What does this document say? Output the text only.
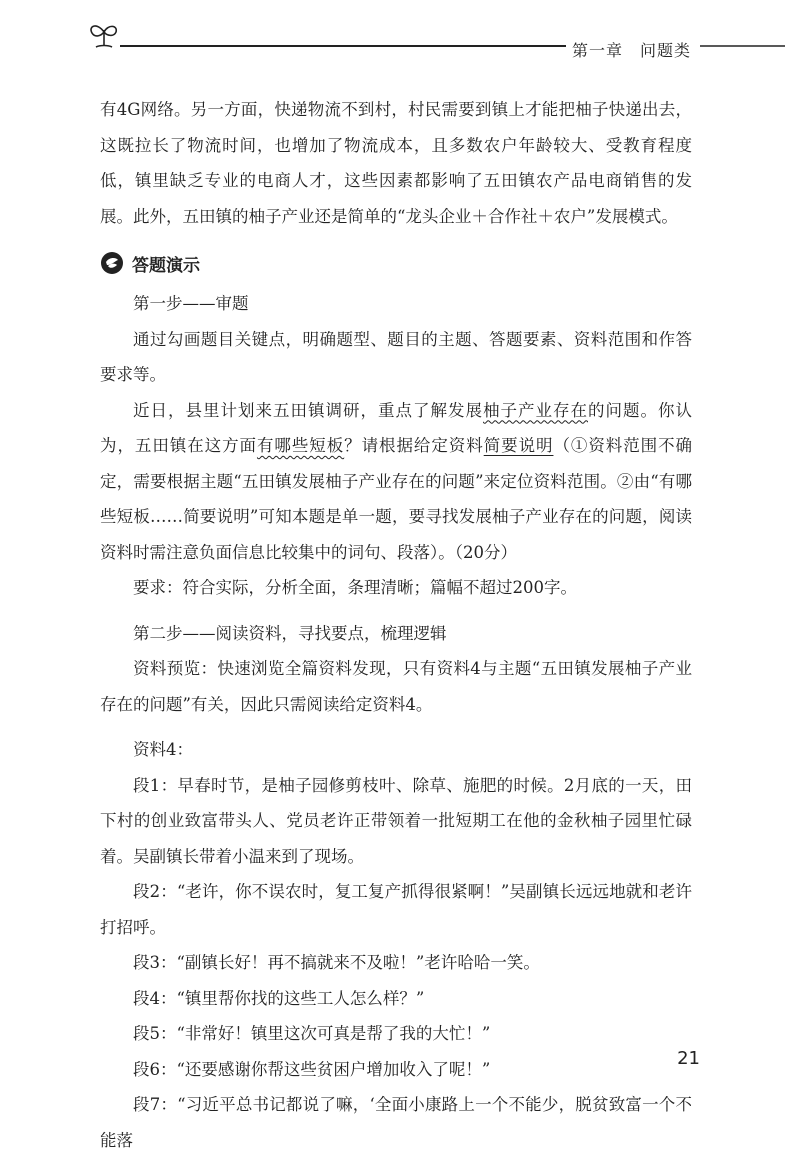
第一章　问题类

有4G网络。另一方面，快递物流不到村，村民需要到镇上才能把柚子快递出去，这既拉长了物流时间，也增加了物流成本，且多数农户年龄较大、受教育程度低，镇里缺乏专业的电商人才，这些因素都影响了五田镇农产品电商销售的发展。此外，五田镇的柚子产业还是简单的“龙头企业＋合作社＋农户”发展模式。

答题演示

第一步——审题

通过勾画题目关键点，明确题型、题目的主题、答题要素、资料范围和作答要求等。

近日，县里计划来五田镇调研，重点了解发展柚子产业存在的问题。你认为，五田镇在这方面有哪些短板？请根据给定资料简要说明（①资料范围不确定，需要根据主题“五田镇发展柚子产业存在的问题”来定位资料范围。②由“有哪些短板……简要说明”可知本题是单一题，要寻找发展柚子产业存在的问题，阅读资料时需注意负面信息比较集中的词句、段落）。（20分）

要求：符合实际，分析全面，条理清晰；篇幅不超过200字。

第二步——阅读资料，寻找要点，梳理逻辑

资料预览：快速浏览全篇资料发现，只有资料4与主题“五田镇发展柚子产业存在的问题”有关，因此只需阅读给定资料4。

资料4：

段1：早春时节，是柚子园修剪枝叶、除草、施肥的时候。2月底的一天，田下村的创业致富带头人、党员老许正带领着一批短期工在他的金秋柚子园里忙碌着。吴副镇长带着小温来到了现场。

段2：“老许，你不误农时，复工复产抓得很紧啊！”吴副镇长远远地就和老许打招呼。

段3：“副镇长好！再不搞就来不及啦！”老许哈哈一笑。

段4：“镇里帮你找的这些工人怎么样？”

段5：“非常好！镇里这次可真是帮了我的大忙！”

段6：“还要感谢你帮这些贫困户增加收入了呢！”

段7：“习近平总书记都说了嘛，‘全面小康路上一个不能少，脱贫致富一个不能落

21
